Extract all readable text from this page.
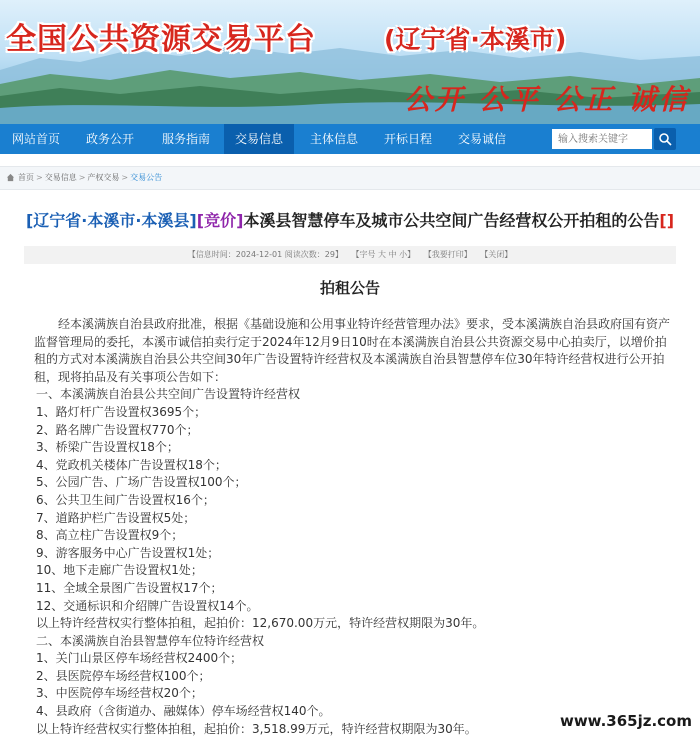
全国公共资源交易平台	(辽宁省·本溪市)
公开 公平 公正 诚信
网站首页	政务公开	服务指南	交易信息	主体信息	开标日程	交易诚信
输入搜索关键字
首页 > 交易信息 > 产权交易 > 交易公告
[辽宁省·本溪市·本溪县][竞价]本溪县智慧停车及城市公共空间广告经营权公开拍租的公告[]
【信息时间：2024-12-01 阅读次数：29】 【字号 大 中 小】 【我要打印】 【关闭】
拍租公告

经本溪满族自治县政府批准，根据《基础设施和公用事业特许经营管理办法》要求，受本溪满族自治县政府国有资产监督管理局的委托，本溪市诚信拍卖行定于2024年12月9日10时在本溪满族自治县公共资源交易中心拍卖厅，以增价拍租的方式对本溪满族自治县公共空间30年广告设置特许经营权及本溪满族自治县智慧停车位30年特许经营权进行公开拍租，现将拍品及有关事项公告如下：

一、本溪满族自治县公共空间广告设置特许经营权

1、路灯杆广告设置权3695个；
2、路名牌广告设置权770个；
3、桥梁广告设置权18个；
4、党政机关楼体广告设置权18个；
5、公园广告、广场广告设置权100个；
6、公共卫生间广告设置权16个；
7、道路护栏广告设置权5处；
8、高立柱广告设置权9个；
9、游客服务中心广告设置权1处；
10、地下走廊广告设置权1处；
11、全域全景图广告设置权17个；
12、交通标识和介绍牌广告设置权14个。

以上特许经营权实行整体拍租，起拍价：12,670.00万元，特许经营权期限为30年。

二、本溪满族自治县智慧停车位特许经营权

1、关门山景区停车场经营权2400个；
2、县医院停车场经营权100个；
3、中医院停车场经营权20个；
4、县政府（含街道办、融媒体）停车场经营权140个。

以上特许经营权实行整体拍租，起拍价：3,518.99万元，特许经营权期限为30年。	www.365jz.com
